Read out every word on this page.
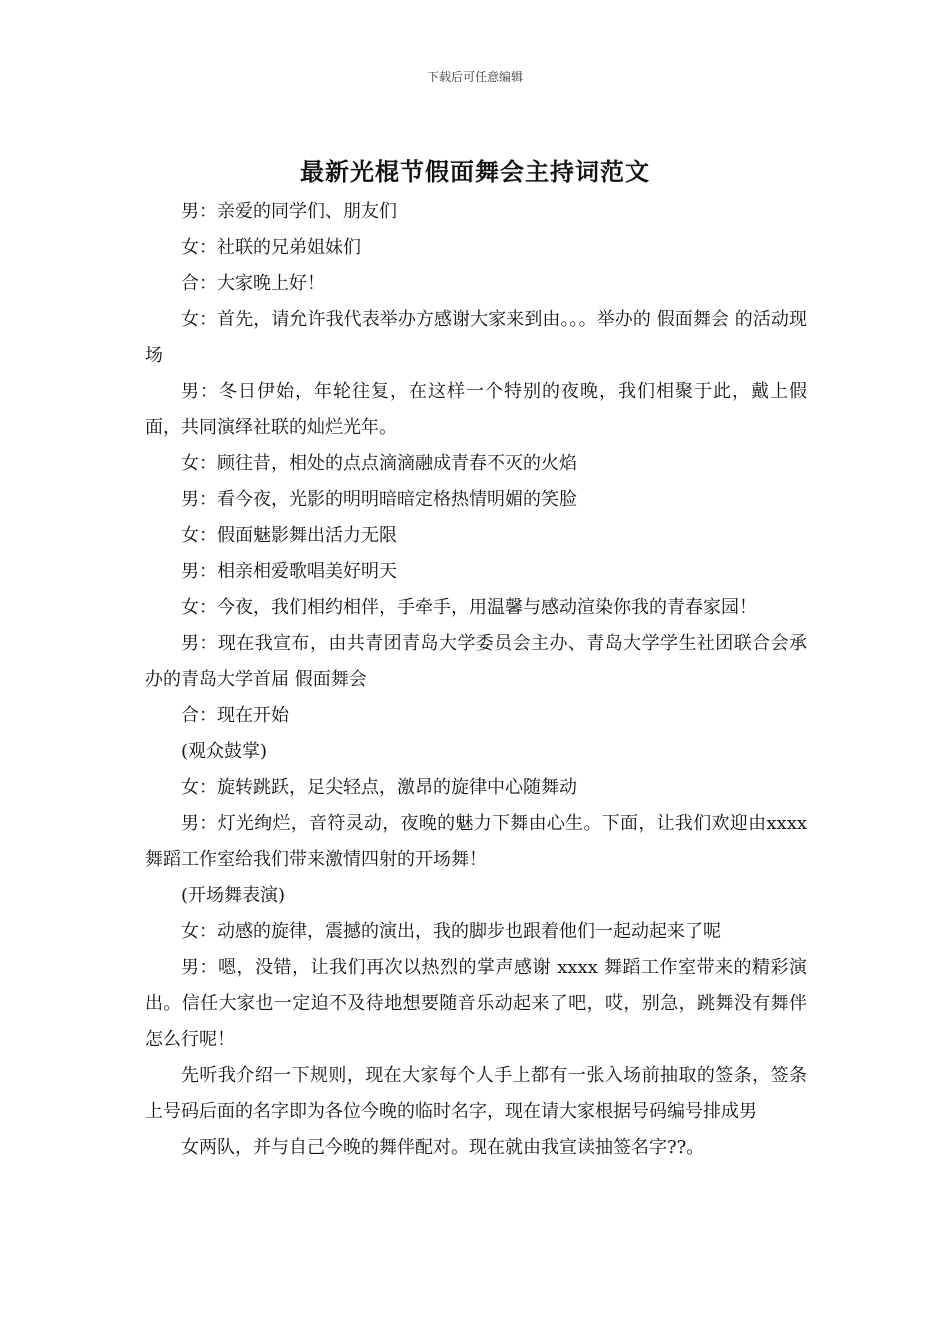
下载后可任意编辑
最新光棍节假面舞会主持词范文

男：亲爱的同学们、朋友们

女：社联的兄弟姐妹们

合：大家晚上好！

女：首先，请允许我代表举办方感谢大家来到由。。。举办的 假面舞会 的活动现场

男：冬日伊始，年轮往复，在这样一个特别的夜晚，我们相聚于此，戴上假面，共同演绎社联的灿烂光年。

女：顾往昔，相处的点点滴滴融成青春不灭的火焰

男：看今夜，光影的明明暗暗定格热情明媚的笑脸

女：假面魅影舞出活力无限

男：相亲相爱歌唱美好明天

女：今夜，我们相约相伴，手牵手，用温馨与感动渲染你我的青春家园！

男：现在我宣布，由共青团青岛大学委员会主办、青岛大学学生社团联合会承办的青岛大学首届 假面舞会

合：现在开始

(观众鼓掌)

女：旋转跳跃，足尖轻点，激昂的旋律中心随舞动

男：灯光绚烂，音符灵动，夜晚的魅力下舞由心生。下面，让我们欢迎由xxxx 舞蹈工作室给我们带来激情四射的开场舞！

(开场舞表演)

女：动感的旋律，震撼的演出，我的脚步也跟着他们一起动起来了呢

男：嗯，没错，让我们再次以热烈的掌声感谢 xxxx 舞蹈工作室带来的精彩演出。信任大家也一定迫不及待地想要随音乐动起来了吧，哎，别急，跳舞没有舞伴怎么行呢！

先听我介绍一下规则，现在大家每个人手上都有一张入场前抽取的签条，签条上号码后面的名字即为各位今晚的临时名字，现在请大家根据号码编号排成男

女两队，并与自己今晚的舞伴配对。现在就由我宣读抽签名字??。
